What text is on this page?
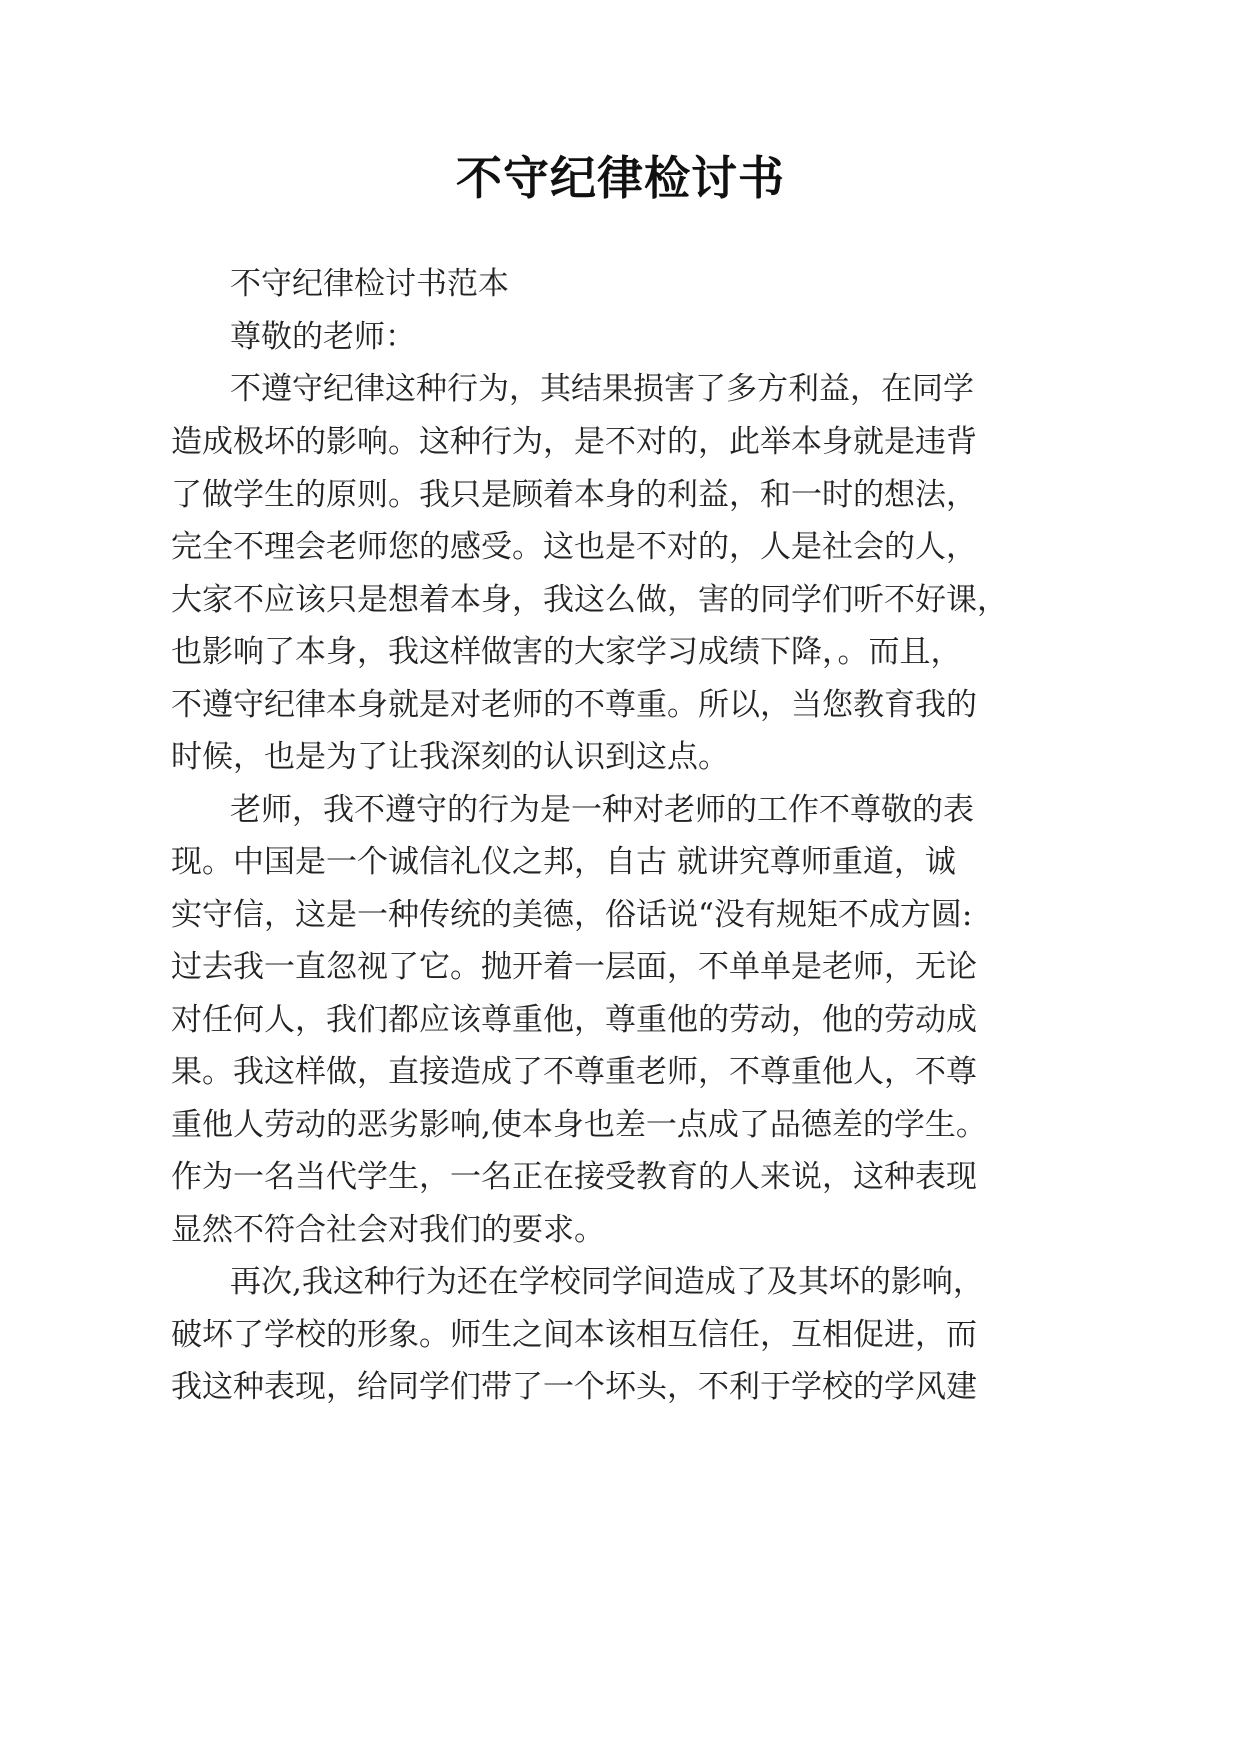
不守纪律检讨书
不守纪律检讨书范本
尊敬的老师：
不遵守纪律这种行为，其结果损害了多方利益，在同学
造成极坏的影响。这种行为，是不对的，此举本身就是违背
了做学生的原则。我只是顾着本身的利益，和一时的想法，
完全不理会老师您的感受。这也是不对的，人是社会的人，
大家不应该只是想着本身，我这么做，害的同学们听不好课，
也影响了本身，我这样做害的大家学习成绩下降，。而且，
不遵守纪律本身就是对老师的不尊重。所以，当您教育我的
时候，也是为了让我深刻的认识到这点。
老师，我不遵守的行为是一种对老师的工作不尊敬的表
现。中国是一个诚信礼仪之邦，自古 就讲究尊师重道，诚
实守信，这是一种传统的美德，俗话说“没有规矩不成方圆:
过去我一直忽视了它。抛开着一层面，不单单是老师，无论
对任何人，我们都应该尊重他，尊重他的劳动，他的劳动成
果。我这样做，直接造成了不尊重老师，不尊重他人，不尊
重他人劳动的恶劣影响,使本身也差一点成了品德差的学生。
作为一名当代学生，一名正在接受教育的人来说，这种表现
显然不符合社会对我们的要求。
再次,我这种行为还在学校同学间造成了及其坏的影响，
破坏了学校的形象。师生之间本该相互信任，互相促进，而
我这种表现，给同学们带了一个坏头，不利于学校的学风建
